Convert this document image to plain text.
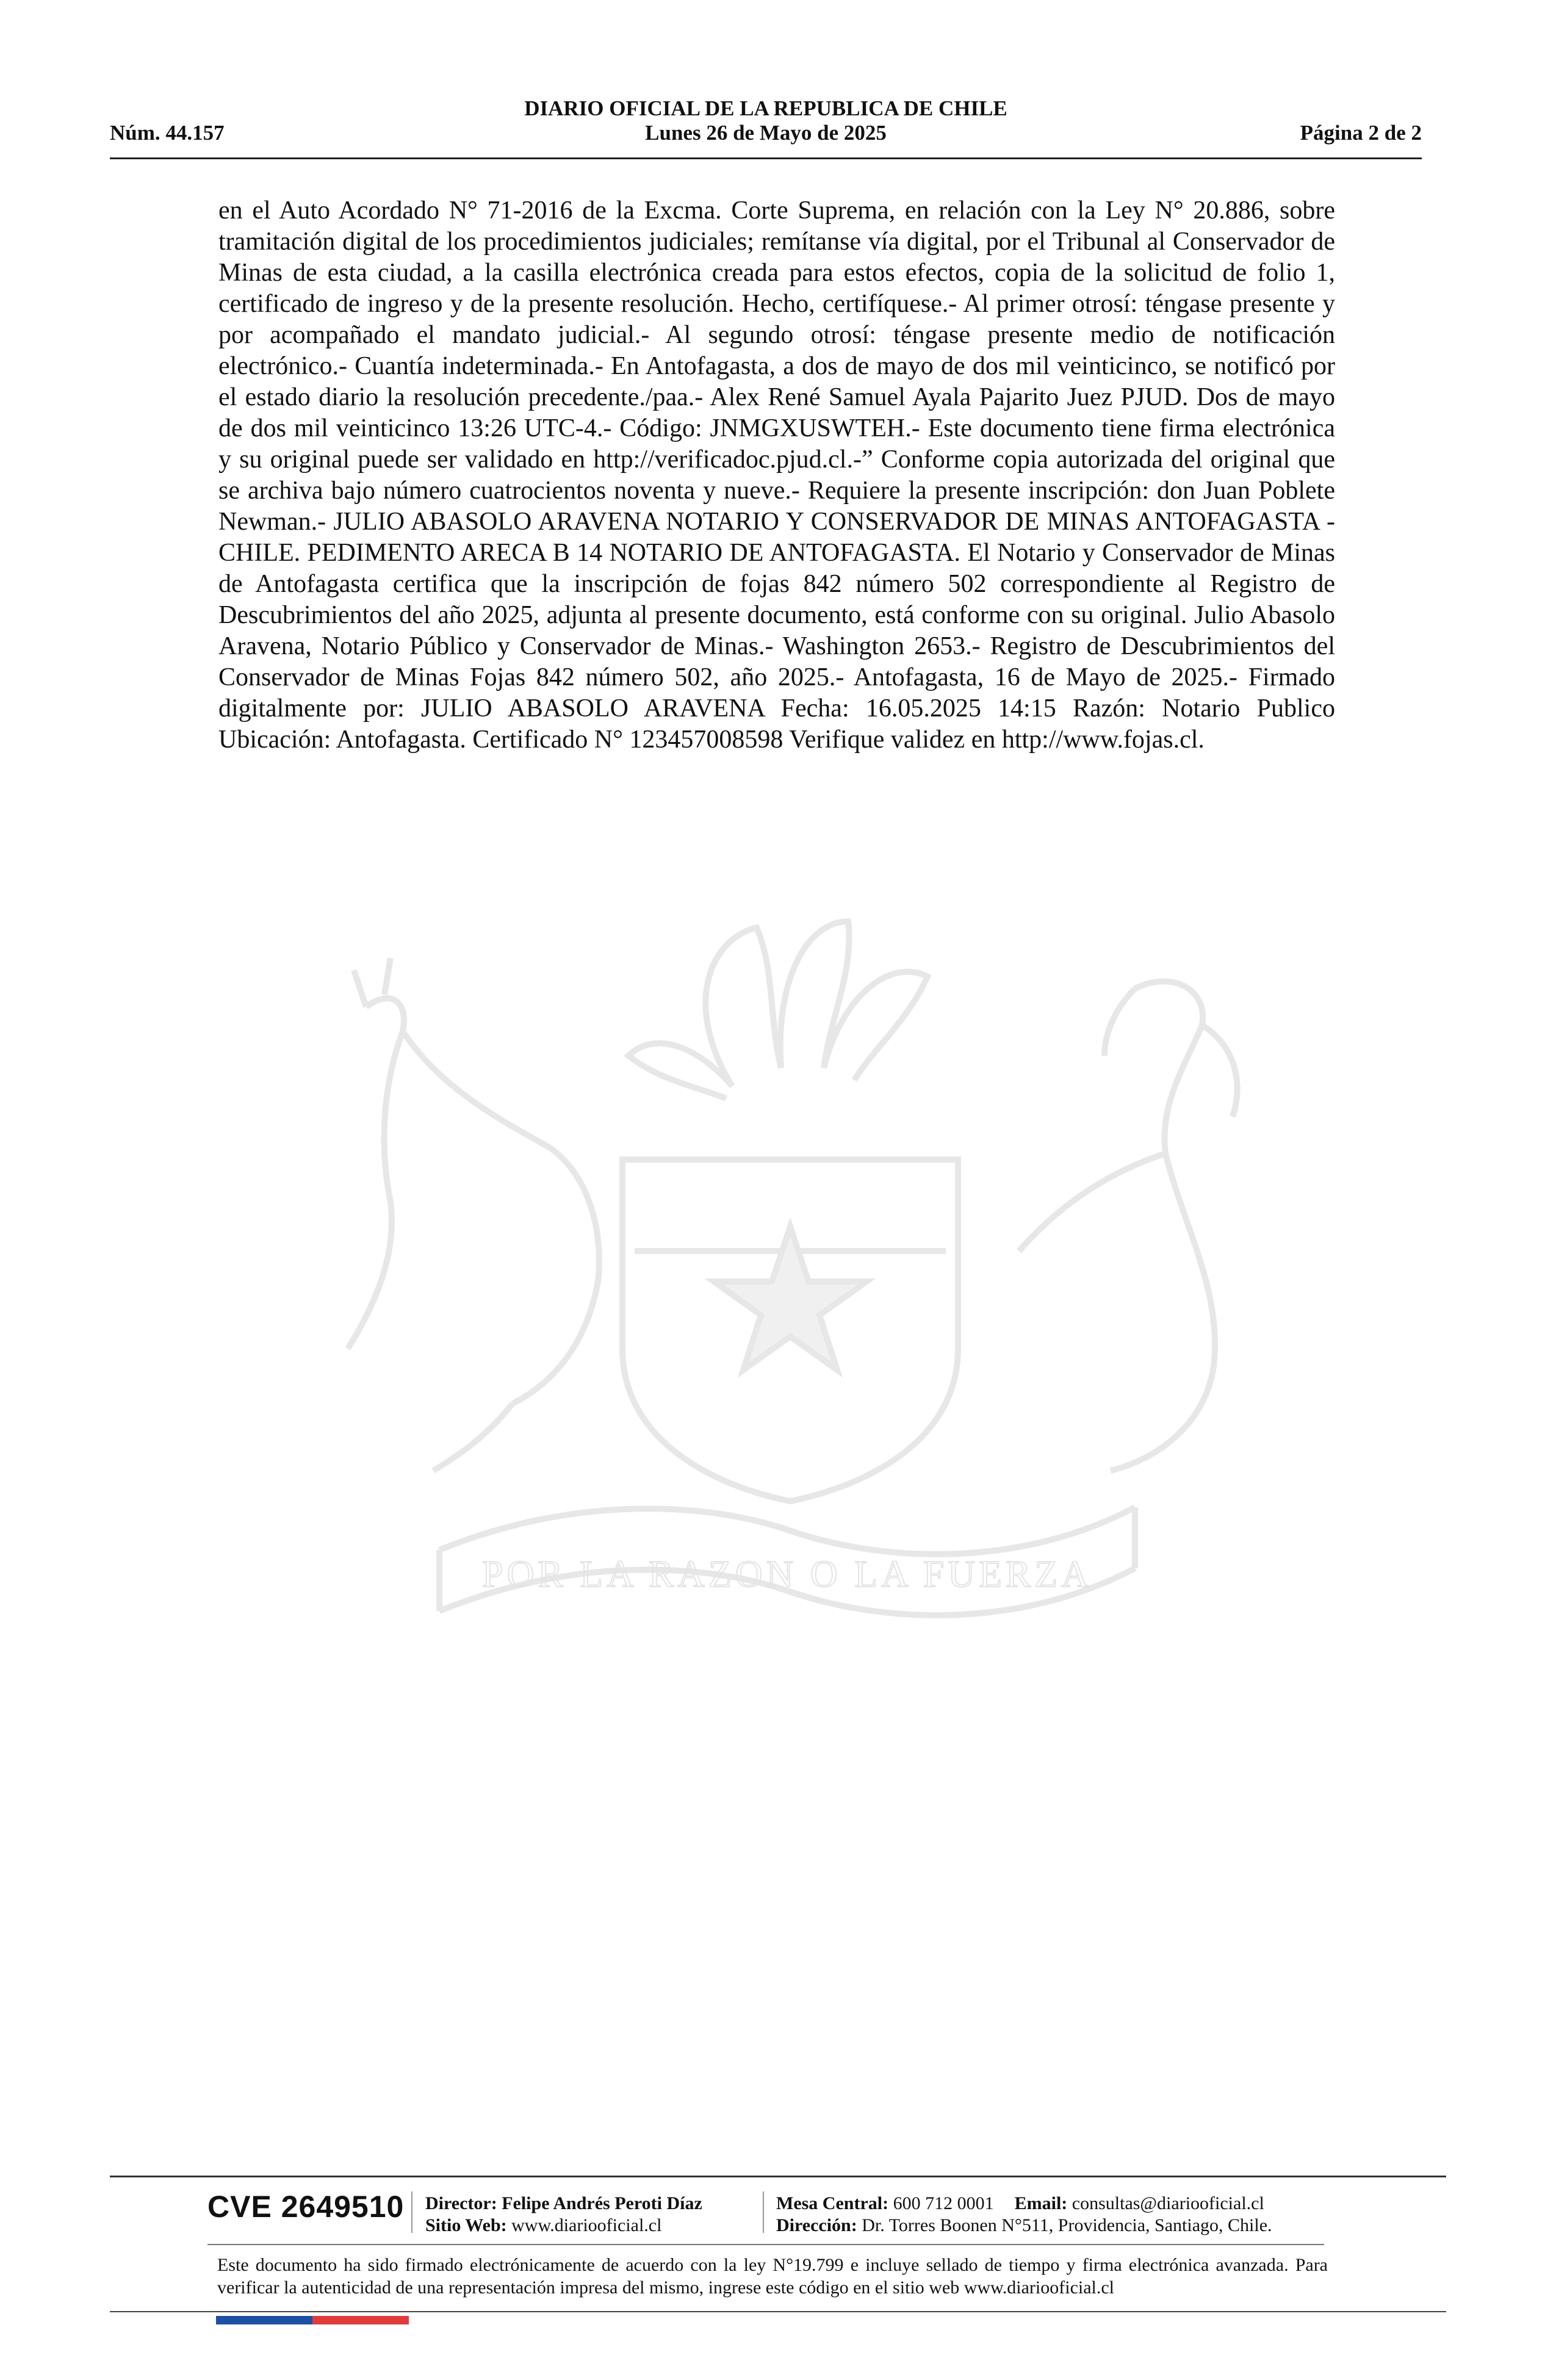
DIARIO OFICIAL DE LA REPUBLICA DE CHILE
Núm. 44.157	Lunes 26 de Mayo de 2025	Página 2 de 2
POR LA RAZON O LA FUERZA
en el Auto Acordado N° 71-2016 de la Excma. Corte Suprema, en relación con la Ley N° 20.886, sobre tramitación digital de los procedimientos judiciales; remítanse vía digital, por el Tribunal al Conservador de Minas de esta ciudad, a la casilla electrónica creada para estos efectos, copia de la solicitud de folio 1, certificado de ingreso y de la presente resolución. Hecho, certifíquese.- Al primer otrosí: téngase presente y por acompañado el mandato judicial.- Al segundo otrosí: téngase presente medio de notificación electrónico.- Cuantía indeterminada.- En Antofagasta, a dos de mayo de dos mil veinticinco, se notificó por el estado diario la resolución precedente./paa.- Alex René Samuel Ayala Pajarito Juez PJUD. Dos de mayo de dos mil veinticinco 13:26 UTC-4.- Código: JNMGXUSWTEH.- Este documento tiene firma electrónica y su original puede ser validado en http://verificadoc.pjud.cl.-” Conforme copia autorizada del original que se archiva bajo número cuatrocientos noventa y nueve.- Requiere la presente inscripción: don Juan Poblete Newman.- JULIO ABASOLO ARAVENA NOTARIO Y CONSERVADOR DE MINAS ANTOFAGASTA - CHILE. PEDIMENTO ARECA B 14 NOTARIO DE ANTOFAGASTA. El Notario y Conservador de Minas de Antofagasta certifica que la inscripción de fojas 842 número 502 correspondiente al Registro de Descubrimientos del año 2025, adjunta al presente documento, está conforme con su original. Julio Abasolo Aravena, Notario Público y Conservador de Minas.- Washington 2653.- Registro de Descubrimientos del Conservador de Minas Fojas 842 número 502, año 2025.- Antofagasta, 16 de Mayo de 2025.- Firmado digitalmente por: JULIO ABASOLO ARAVENA Fecha: 16.05.2025 14:15 Razón: Notario Publico Ubicación: Antofagasta. Certificado N° 123457008598 Verifique validez en http://www.fojas.cl.
CVE 2649510 Director: Felipe Andrés Peroti Díaz
Sitio Web: www.diariooficial.cl
Mesa Central: 600 712 0001 Email: consultas@diariooficial.cl
Dirección: Dr. Torres Boonen N°511, Providencia, Santiago, Chile.
Este documento ha sido firmado electrónicamente de acuerdo con la ley N°19.799 e incluye sellado de tiempo y firma electrónica avanzada. Para verificar la autenticidad de una representación impresa del mismo, ingrese este código en el sitio web www.diariooficial.cl
